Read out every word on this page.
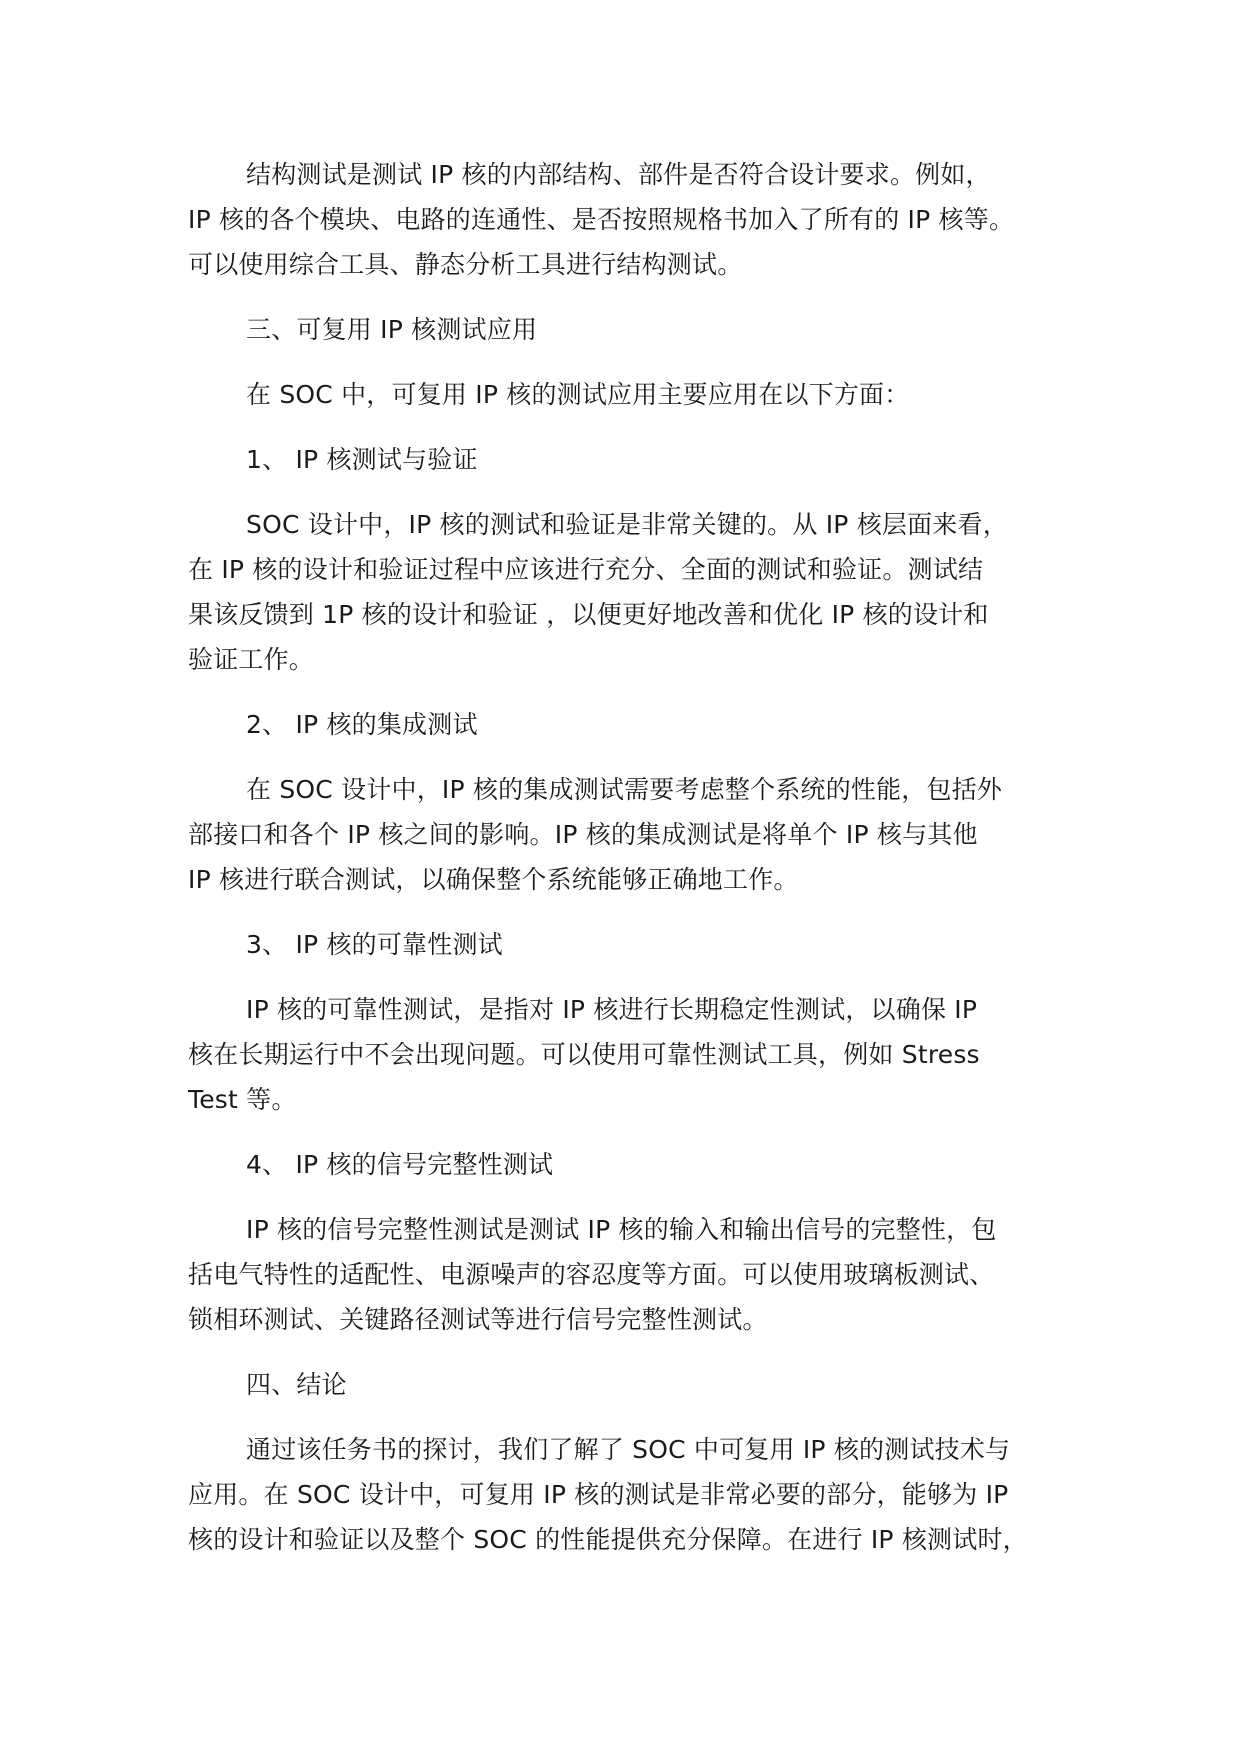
结构测试是测试 IP 核的内部结构、部件是否符合设计要求。例如，
IP 核的各个模块、电路的连通性、是否按照规格书加入了所有的 IP 核等。
可以使用综合工具、静态分析工具进行结构测试。
三、可复用 IP 核测试应用
在 SOC 中，可复用 IP 核的测试应用主要应用在以下方面：
1、 IP 核测试与验证
SOC 设计中，IP 核的测试和验证是非常关键的。从 IP 核层面来看，
在 IP 核的设计和验证过程中应该进行充分、全面的测试和验证。测试结
果该反馈到 1P 核的设计和验证 ，以便更好地改善和优化 IP 核的设计和
验证工作。
2、 IP 核的集成测试
在 SOC 设计中，IP 核的集成测试需要考虑整个系统的性能，包括外
部接口和各个 IP 核之间的影响。IP 核的集成测试是将单个 IP 核与其他
IP 核进行联合测试，以确保整个系统能够正确地工作。
3、 IP 核的可靠性测试
IP 核的可靠性测试，是指对 IP 核进行长期稳定性测试，以确保 IP
核在长期运行中不会出现问题。可以使用可靠性测试工具，例如 Stress
Test 等。
4、 IP 核的信号完整性测试
IP 核的信号完整性测试是测试 IP 核的输入和输出信号的完整性，包
括电气特性的适配性、电源噪声的容忍度等方面。可以使用玻璃板测试、
锁相环测试、关键路径测试等进行信号完整性测试。
四、结论
通过该任务书的探讨，我们了解了 SOC 中可复用 IP 核的测试技术与
应用。在 SOC 设计中，可复用 IP 核的测试是非常必要的部分，能够为 IP
核的设计和验证以及整个 SOC 的性能提供充分保障。在进行 IP 核测试时，
